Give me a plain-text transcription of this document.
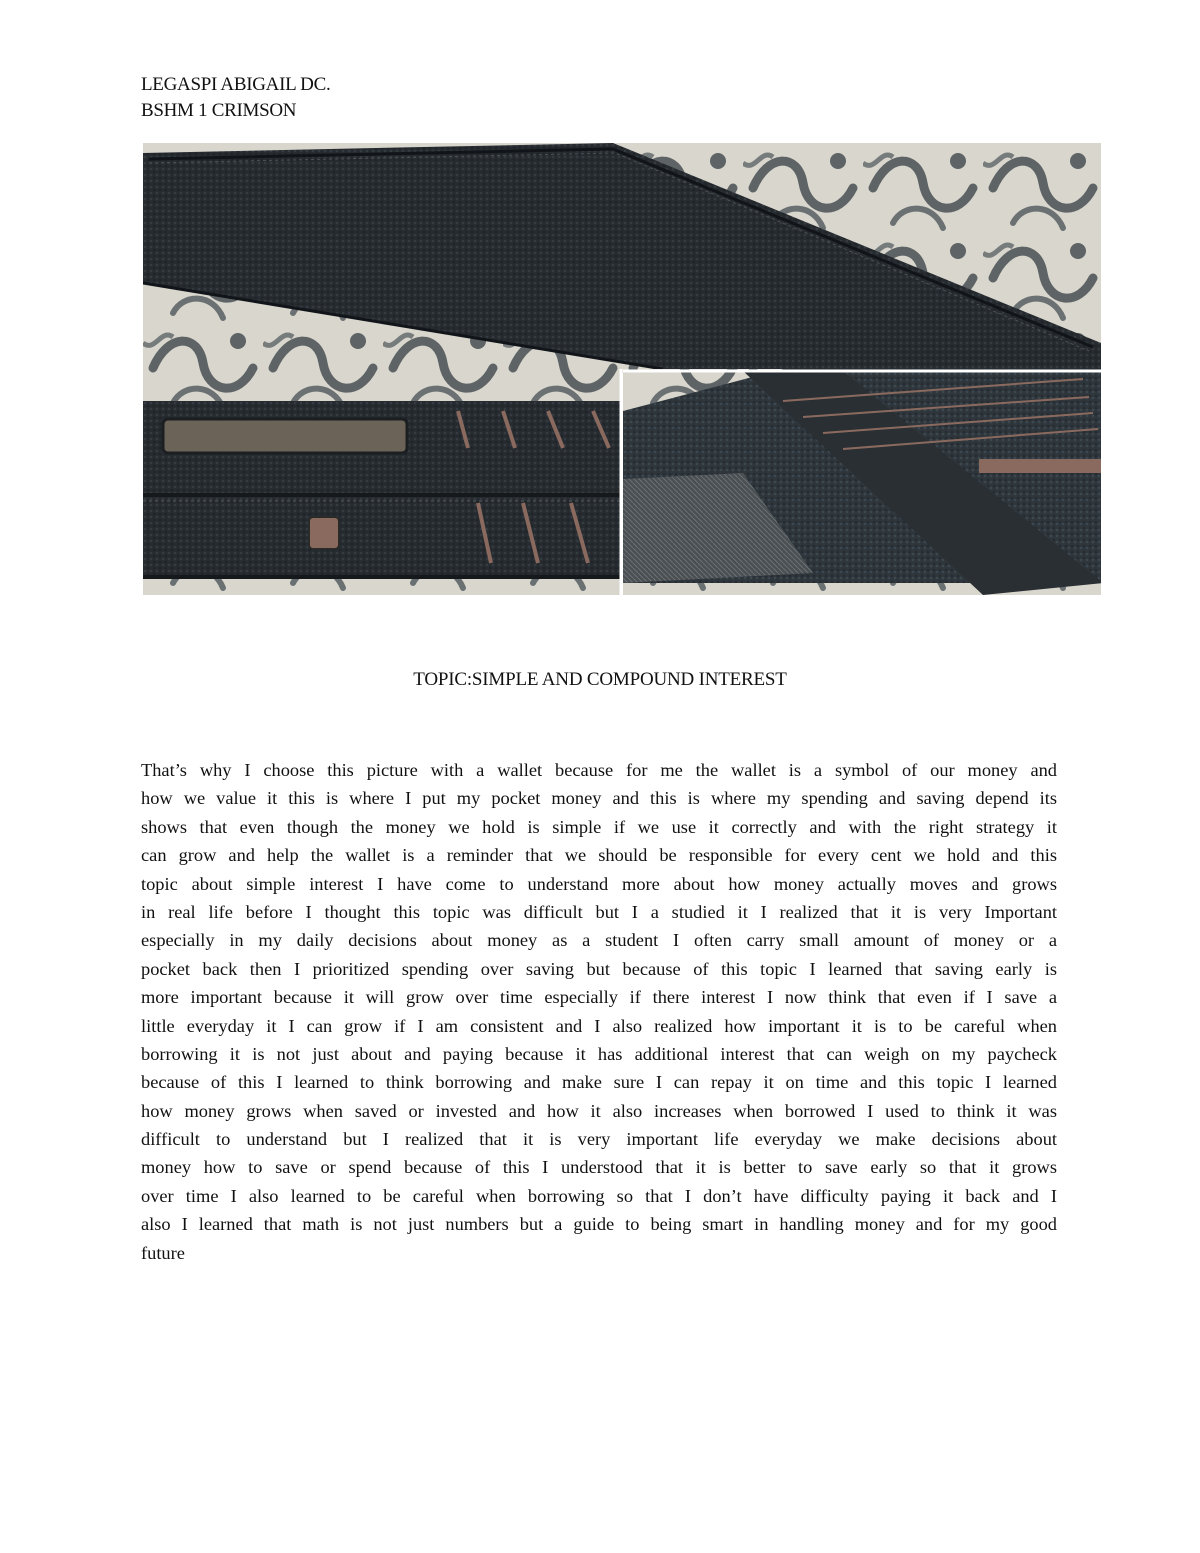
LEGASPI ABIGAIL DC.
BSHM 1 CRIMSON
TOPIC:SIMPLE AND COMPOUND INTEREST
That’s why I choose this picture with a wallet because for me the wallet is a symbol of our money and
how we value it this is where I put my pocket money and this is where my spending and saving depend its
shows that even though the money we hold is simple if we use it correctly and with the right strategy it
can grow and help the wallet is a reminder that we should be responsible for every cent we hold and this
topic about simple interest I have come to understand more about how money actually moves and grows
in real life before I thought this topic was difficult but I a studied it I realized that it is very Important
especially in my daily decisions about money as a student I often carry small amount of money or a
pocket back then I prioritized spending over saving but because of this topic I learned that saving early is
more important because it will grow over time especially if there interest I now think that even if I save a
little everyday it I can grow if I am consistent and I also realized how important it is to be careful when
borrowing it is not just about and paying because it has additional interest that can weigh on my paycheck
because of this I learned to think borrowing and make sure I can repay it on time and this topic I learned
how money grows when saved or invested and how it also increases when borrowed I used to think it was
difficult to understand but I realized that it is very important life everyday we make decisions about
money how to save or spend because of this I understood that it is better to save early so that it grows
over time I also learned to be careful when borrowing so that I don’t have difficulty paying it back and I
also I learned that math is not just numbers but a guide to being smart in handling money and for my good
future
